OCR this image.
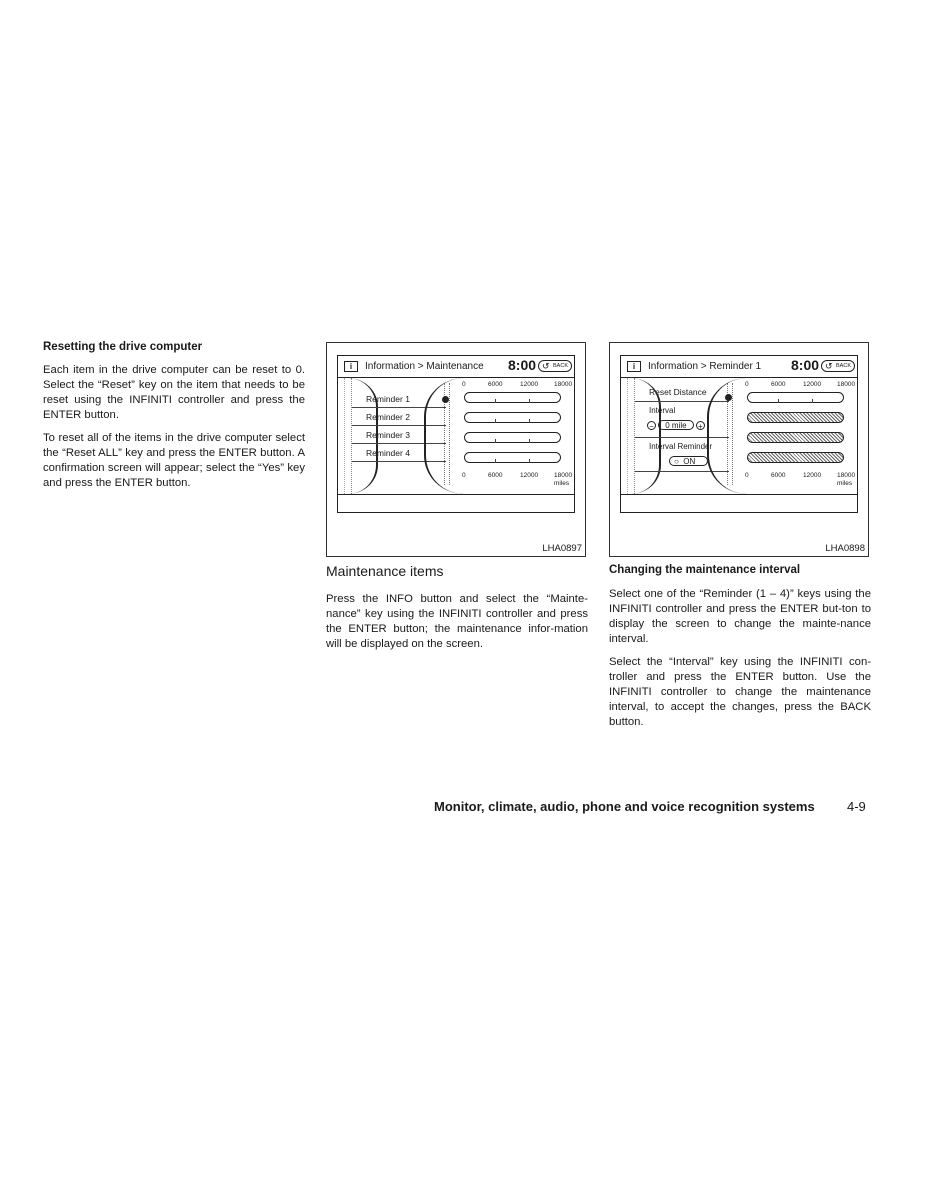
Resetting the drive computer

Each item in the drive computer can be reset to 0. Select the “Reset” key on the item that needs to be reset using the INFINITI controller and press the ENTER button.

To reset all of the items in the drive computer select the “Reset ALL” key and press the ENTER button. A confirmation screen will appear; select the “Yes” key and press the ENTER button.

i	Information > Maintenance 8:00 ↺ BACK
Reminder 1
Reminder 2
Reminder 3
Reminder 4
0	6000	12000 18000
0	6000	12000 18000
miles
LHA0897
i	Information > Reminder 1 8:00 ↺ BACK
Reset Distance
Interval
− 0 mile +
Interval Reminder
○ ON
0	6000	12000 18000
0	6000	12000 18000
miles
LHA0898
Maintenance items

Press the INFO button and select the “Mainte-nance” key using the INFINITI controller and press the ENTER button; the maintenance infor-mation will be displayed on the screen.

Changing the maintenance interval

Select one of the “Reminder (1 – 4)” keys using the INFINITI controller and press the ENTER but-ton to display the screen to change the mainte-nance interval.

Select the “Interval” key using the INFINITI con-troller and press the ENTER button. Use the INFINITI controller to change the maintenance interval, to accept the changes, press the BACK button.

Monitor, climate, audio, phone and voice recognition systems 4-9
